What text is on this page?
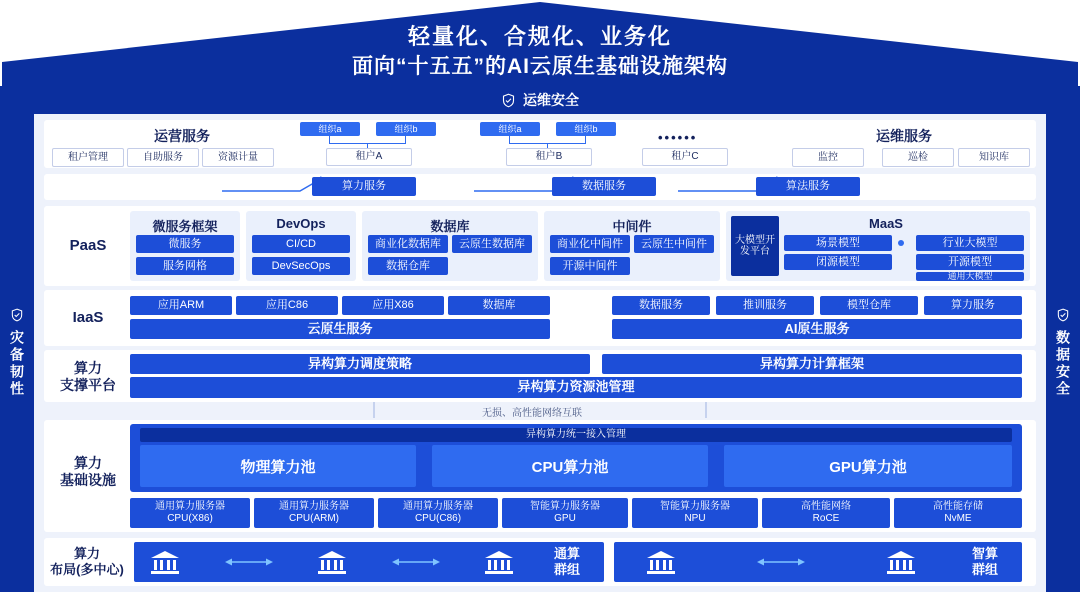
轻量化、合规化、业务化
面向“十五五”的AI云原生基础设施架构
运维安全
灾备韧性	数据安全
运营服务
租户管理	自助服务	资源计量
组织a	组织b
租户A
组织a	组织b
租户B
••••••
租户C
运维服务
监控	巡检	知识库
算力服务	数据服务	算法服务
PaaS
微服务框架
微服务
服务网格
DevOps
CI/CD
DevSecOps
数据库
商业化数据库	云原生数据库
数据仓库
中间件
商业化中间件	云原生中间件
开源中间件
大模型开发平台
MaaS
场景模型	行业大模型
闭源模型	开源模型
通用大模型
IaaS
应用ARM	应用C86	应用X86	数据库
云原生服务
数据服务	推训服务	模型仓库	算力服务
AI原生服务
算力
支撑平台
异构算力调度策略	异构算力计算框架
异构算力资源池管理
无损、高性能网络互联
算力
基础设施
异构算力统一接入管理
物理算力池	CPU算力池	GPU算力池
通用算力服务器
CPU(X86)
通用算力服务器
CPU(ARM)
通用算力服务器
CPU(C86)
智能算力服务器
GPU
智能算力服务器
NPU
高性能网络
RoCE
高性能存储
NvME
算力
布局(多中心)
通算
群组
智算
群组
